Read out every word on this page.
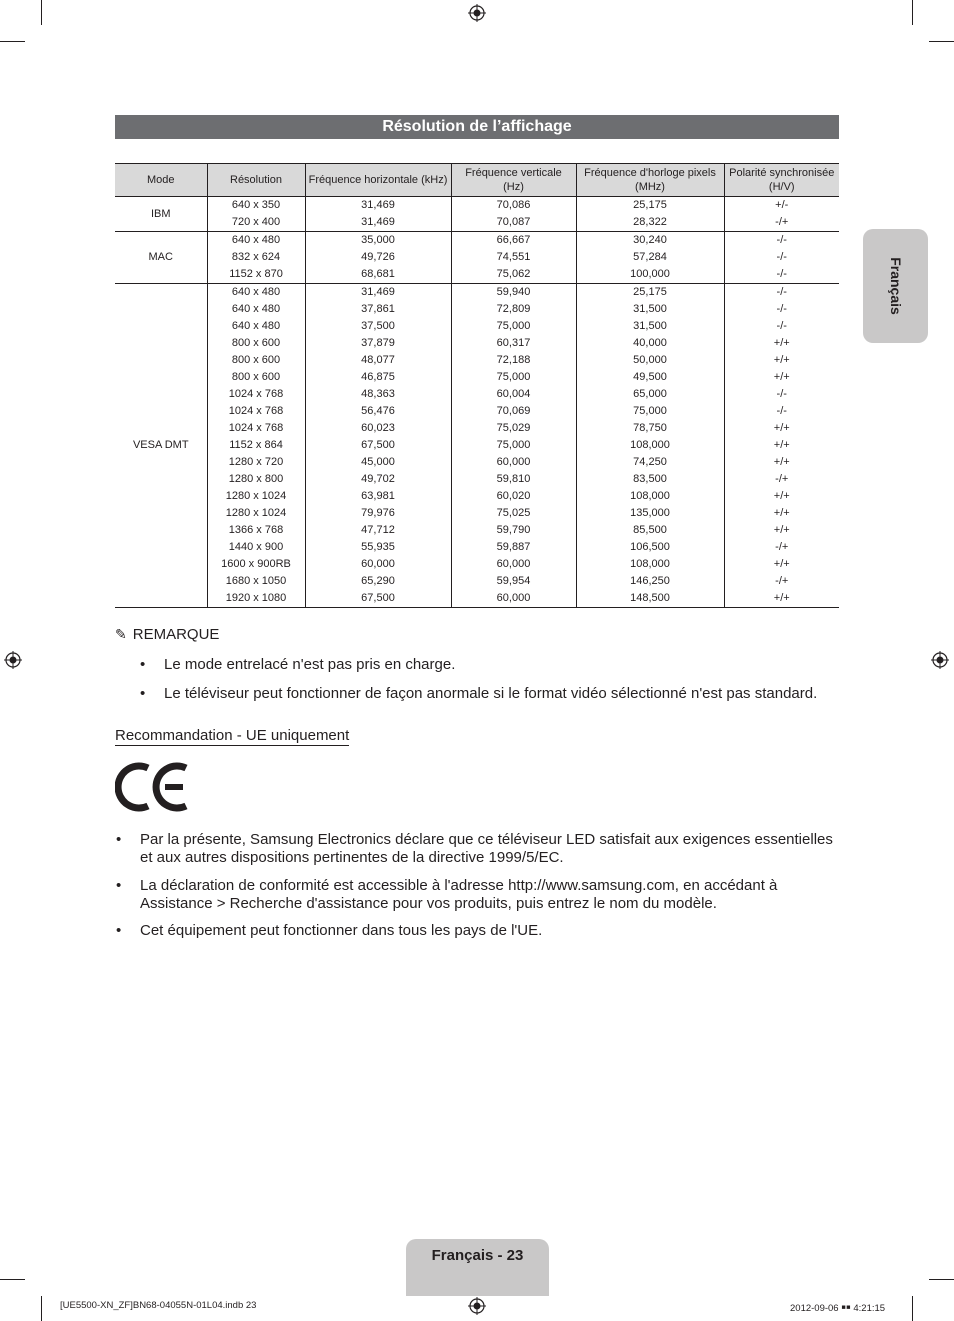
Français
Résolution de l’affichage
Mode	Résolution	Fréquence horizontale (kHz)	Fréquence verticale (Hz)	Fréquence d'horloge pixels (MHz)	Polarité synchronisée (H/V)
IBM	640 x 350	31,469	70,086	25,175	+/-
	720 x 400	31,469	70,087	28,322	-/+
MAC	640 x 480	35,000	66,667	30,240	-/-
	832 x 624	49,726	74,551	57,284	-/-
	1152 x 870	68,681	75,062	100,000	-/-
VESA DMT	640 x 480	31,469	59,940	25,175	-/-
	640 x 480	37,861	72,809	31,500	-/-
	640 x 480	37,500	75,000	31,500	-/-
	800 x 600	37,879	60,317	40,000	+/+
	800 x 600	48,077	72,188	50,000	+/+
	800 x 600	46,875	75,000	49,500	+/+
	1024 x 768	48,363	60,004	65,000	-/-
	1024 x 768	56,476	70,069	75,000	-/-
	1024 x 768	60,023	75,029	78,750	+/+
	1152 x 864	67,500	75,000	108,000	+/+
	1280 x 720	45,000	60,000	74,250	+/+
	1280 x 800	49,702	59,810	83,500	-/+
	1280 x 1024	63,981	60,020	108,000	+/+
	1280 x 1024	79,976	75,025	135,000	+/+
	1366 x 768	47,712	59,790	85,500	+/+
	1440 x 900	55,935	59,887	106,500	-/+
	1600 x 900RB	60,000	60,000	108,000	+/+
	1680 x 1050	65,290	59,954	146,250	-/+
	1920 x 1080	67,500	60,000	148,500	+/+
✎ REMARQUE
• Le mode entrelacé n'est pas pris en charge.
• Le téléviseur peut fonctionner de façon anormale si le format vidéo sélectionné n'est pas standard.
Recommandation - UE uniquement
• Par la présente, Samsung Electronics déclare que ce téléviseur LED satisfait aux exigences essentielles
et aux autres dispositions pertinentes de la directive 1999/5/EC.
• La déclaration de conformité est accessible à l'adresse http://www.samsung.com, en accédant à
Assistance > Recherche d'assistance pour vos produits, puis entrez le nom du modèle.
• Cet équipement peut fonctionner dans tous les pays de l'UE.
Français - 23
[UE5500-XN_ZF]BN68-04055N-01L04.indb 23	2012-09-06 ￭￭ 4:21:15
